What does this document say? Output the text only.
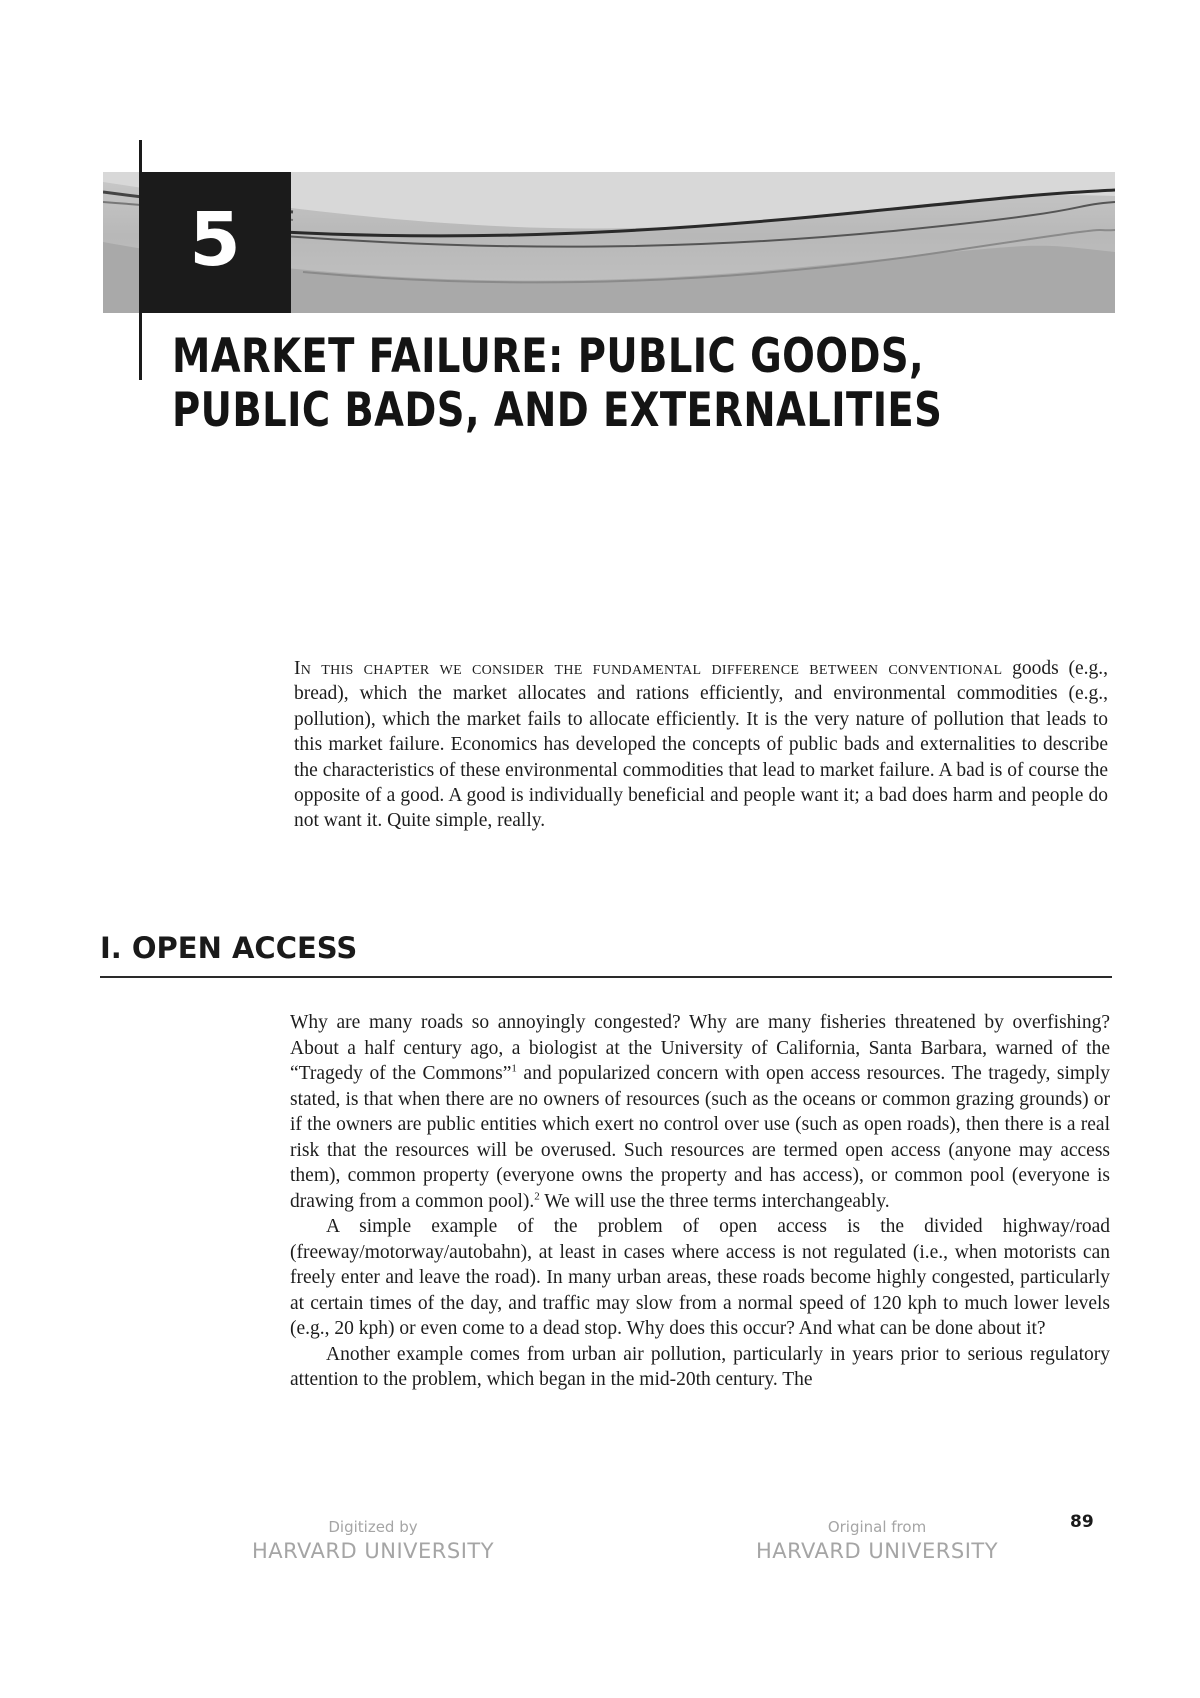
5
MARKET FAILURE: PUBLIC GOODS,
PUBLIC BADS, AND EXTERNALITIES
In this chapter we consider the fundamental difference between conventional goods (e.g., bread), which the market allocates and rations efficiently, and environmental commodities (e.g., pollution), which the market fails to allocate efficiently. It is the very nature of pollution that leads to this market failure. Economics has developed the concepts of public bads and externalities to describe the characteristics of these environmental commodities that lead to market failure. A bad is of course the opposite of a good. A good is individually beneficial and people want it; a bad does harm and people do not want it. Quite simple, really.
I. OPEN ACCESS

Why are many roads so annoyingly congested? Why are many fisheries threatened by overfishing? About a half century ago, a biologist at the University of California, Santa Barbara, warned of the “Tragedy of the Commons”$^1$ and popularized concern with open access resources. The tragedy, simply stated, is that when there are no owners of resources (such as the oceans or common grazing grounds) or if the owners are public entities which exert no control over use (such as open roads), then there is a real risk that the resources will be overused. Such resources are termed open access (anyone may access them), common property (everyone owns the property and has access), or common pool (everyone is drawing from a common pool).$^2$ We will use the three terms interchangeably.

A simple example of the problem of open access is the divided highway/road (freeway/motorway/autobahn), at least in cases where access is not regulated (i.e., when motorists can freely enter and leave the road). In many urban areas, these roads become highly congested, particularly at certain times of the day, and traffic may slow from a normal speed of 120 kph to much lower levels (e.g., 20 kph) or even come to a dead stop. Why does this occur? And what can be done about it?

Another example comes from urban air pollution, particularly in years prior to serious regulatory attention to the problem, which began in the mid-20th century. The

89
Digitized by
HARVARD UNIVERSITY
Original from
HARVARD UNIVERSITY
